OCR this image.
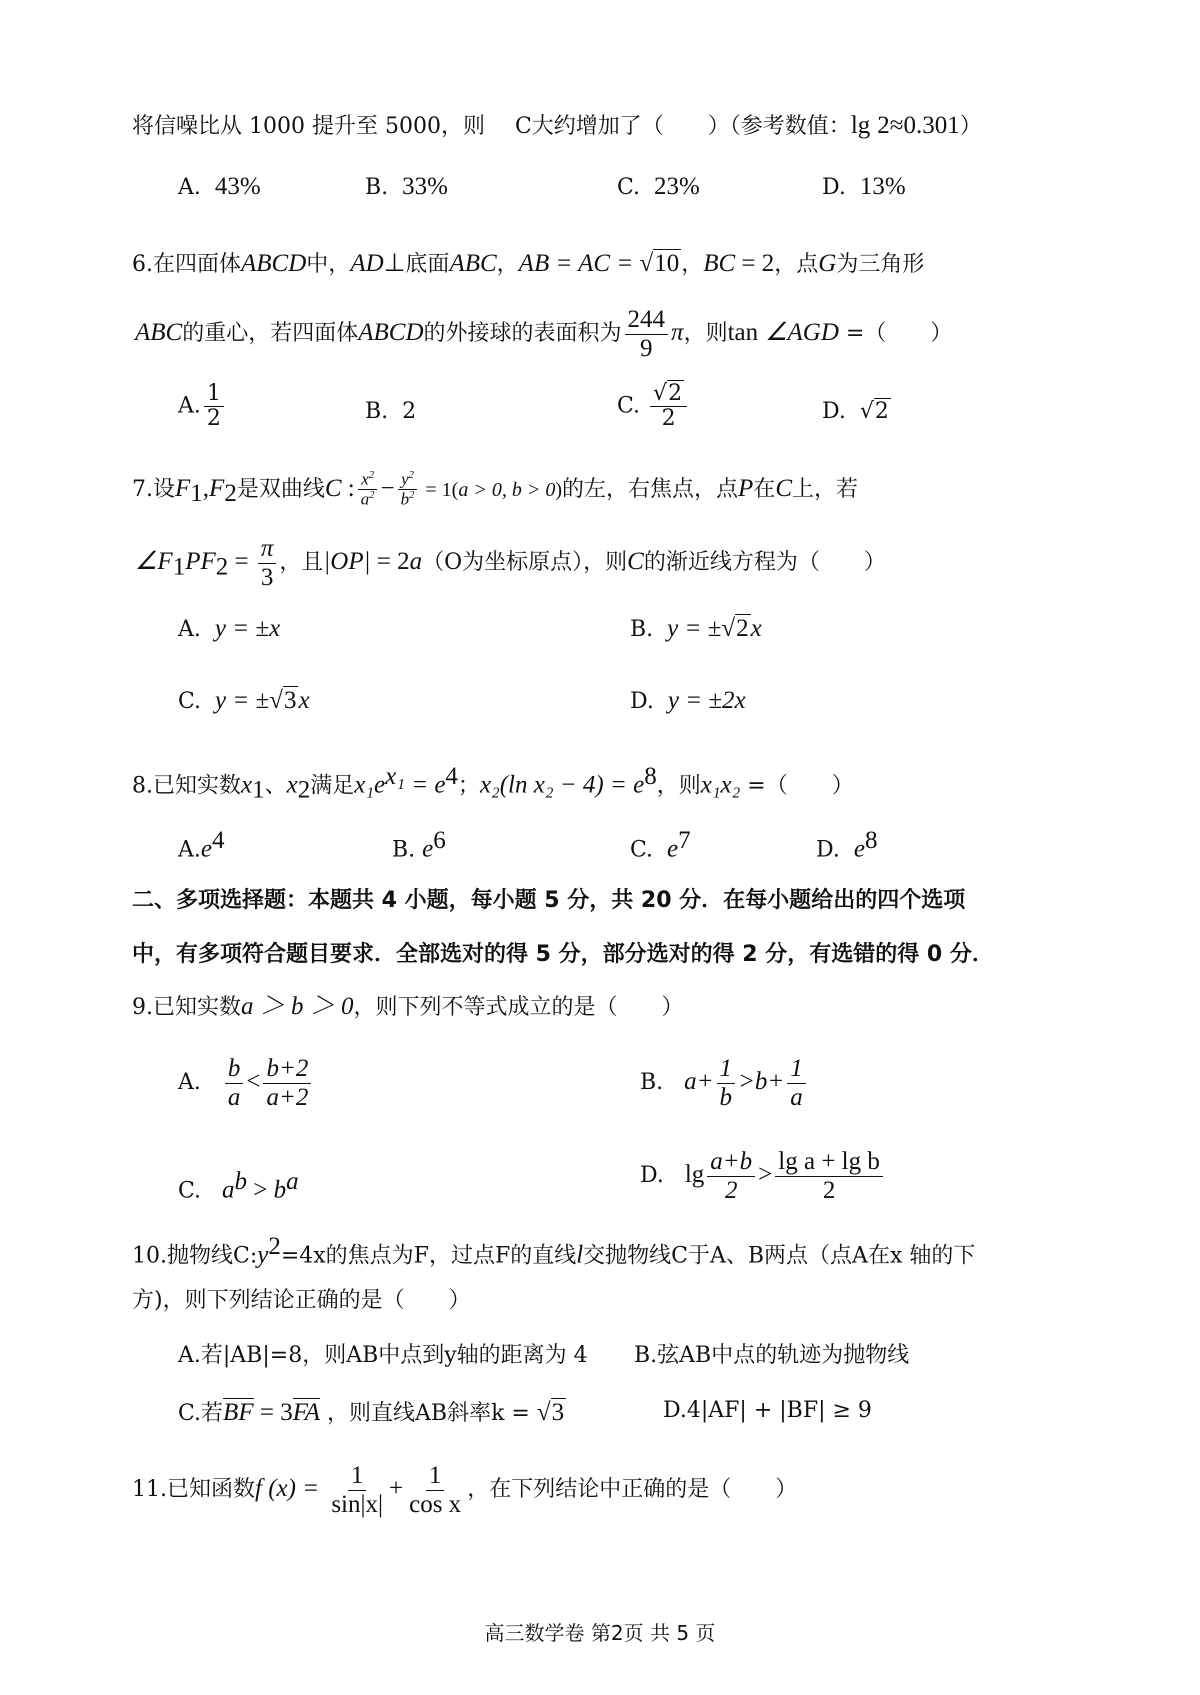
将信噪比从 1000 提升至 5000，则 C大约增加了（　　）（参考数值：lg 2≈0.301）
A. 43%	B. 33%	C. 23%	D. 13%
6.在四面体ABCD中，AD⊥底面ABC，AB = AC = √10，BC = 2，点G为三角形
ABC的重心，若四面体ABCD的外接球的表面积为 $\frac{244}{9}$ π，则tan ∠AGD =（　　）
A. $\frac{1}{2}$	B. 2	C. $\frac{√2}{2}$	D. √2
7.设$F_1,F_2$是双曲线C : $\frac{x^2}{a^2} - \frac{y^2}{b^2} = 1(a > 0$, b > 0)的左，右焦点，点P在C上，若
$\angle F_1PF_2 = \frac{\pi}{3}$ ，且|OP| = 2a（O为坐标原点），则C的渐近线方程为（　　）
A. y = ±x	B. y = ±√2x
C. y = ±√3x	D. y = ±2x
8.已知实数$x_1$、$x_2$满足$x_1e^{x_1} = e^4$；x₂(ln $x_2 - 4) = e^8$，则x₁x₂ =（　　）
$A.e^4$	B. $e^6$	C. $e^7$	D. $e^8$
二、多项选择题：本题共 4 小题，每小题 5 分，共 20 分．在每小题给出的四个选项
中，有多项符合题目要求．全部选对的得 5 分，部分选对的得 2 分，有选错的得 0 分．
9.已知实数a ＞ b ＞ 0，则下列不等式成立的是（　　）
A. $\frac{b}{a} < \frac{b+2}{a+2}$	B. $a+ \frac{1}{b} >b+ \frac{1}{a}$
C. $a^b > b^a$	D. $\lg \frac{a+b}{2} > \frac{\text{lg a + lg b}}{2}$
10.抛物线$C:y^2=4x$的焦点为F，过点F的直线l交抛物线C于A、B两点（点A在x 轴的下
方)，则下列结论正确的是（　　）
A.若|AB|=8，则AB中点到y轴的距离为 4 B.弦AB中点的轨迹为抛物线
C.若BF = 3FA ，则直线AB斜率k = √3	D.4|AF| + |BF| ≥ 9
11.已知函数f $(x) = \frac{1}{\sin|x|} + \frac{1}{\text{cos x}}$ ，在下列结论中正确的是（　　）
高三数学卷 第2页 共 5 页
